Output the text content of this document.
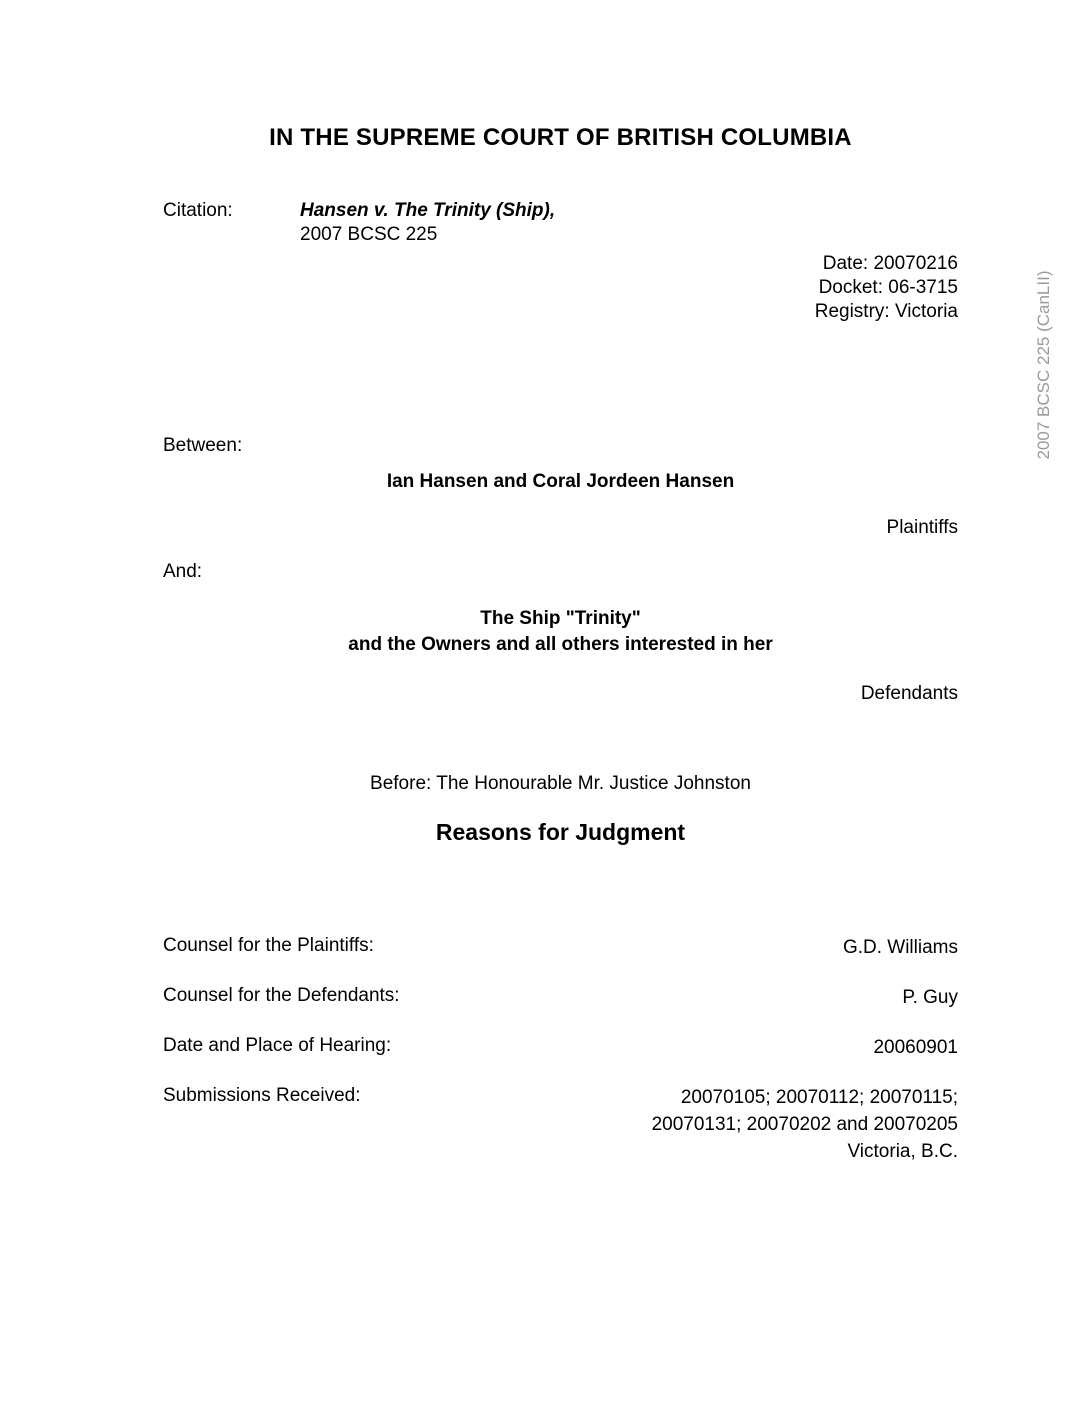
2007 BCSC 225 (CanLII)
IN THE SUPREME COURT OF BRITISH COLUMBIA
Citation:	Hansen v. The Trinity (Ship),
2007 BCSC 225
Date: 20070216
Docket: 06-3715
Registry: Victoria
Between:
Ian Hansen and Coral Jordeen Hansen
Plaintiffs
And:
The Ship "Trinity"
and the Owners and all others interested in her
Defendants
Before: The Honourable Mr. Justice Johnston
Reasons for Judgment
Counsel for the Plaintiffs:	G.D. Williams
Counsel for the Defendants:	P. Guy
Date and Place of Hearing:	20060901
Submissions Received:	20070105; 20070112; 20070115;
20070131; 20070202 and 20070205
Victoria, B.C.
